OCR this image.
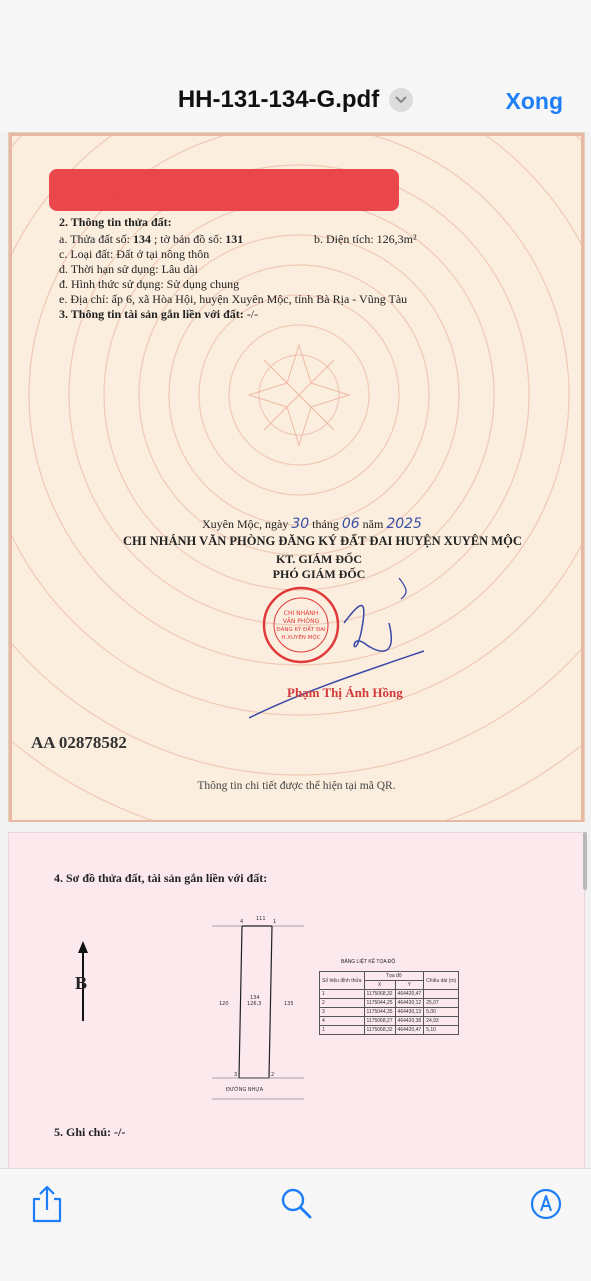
HH-131-134-G.pdf	Xong
2. Thông tin thửa đất:
a. Thửa đất số: 134 ; tờ bản đồ số: 131	b. Diện tích: 126,3m²
c. Loại đất: Đất ở tại nông thôn
d. Thời hạn sử dụng: Lâu dài
đ. Hình thức sử dụng: Sử dụng chung
e. Địa chỉ: ấp 6, xã Hòa Hội, huyện Xuyên Mộc, tỉnh Bà Rịa - Vũng Tàu
3. Thông tin tài sản gắn liền với đất: -/-
Xuyên Mộc, ngày 30 tháng 06 năm 2025
CHI NHÁNH VĂN PHÒNG ĐĂNG KÝ ĐẤT ĐAI HUYỆN XUYÊN MỘC
KT. GIÁM ĐỐC
PHÓ GIÁM ĐỐC
CHI NHÁNH
VĂN PHÒNG
ĐĂNG KÝ ĐẤT ĐAI
H.XUYÊN MỘC
Phạm Thị Ánh Hồng
AA 02878582
Thông tin chi tiết được thể hiện tại mã QR.
4. Sơ đồ thửa đất, tài sản gắn liền với đất:
B
4	111 1
120	135
134
126,3
3	2
ĐƯỜNG NHỰA
BẢNG LIỆT KÊ TỌA ĐỘ
Số hiệu đỉnh thửa	Tọa độ		Chiều dài (m)
	X	Y	
1	1175068,32	464420,47	
2	1175044,25	464430,12	25,07
3	1175044,35	464430,13	5,00
4	1175068,27	464420,38	24,93
1	1175068,32	464420,47	5,10
5. Ghi chú: -/-
